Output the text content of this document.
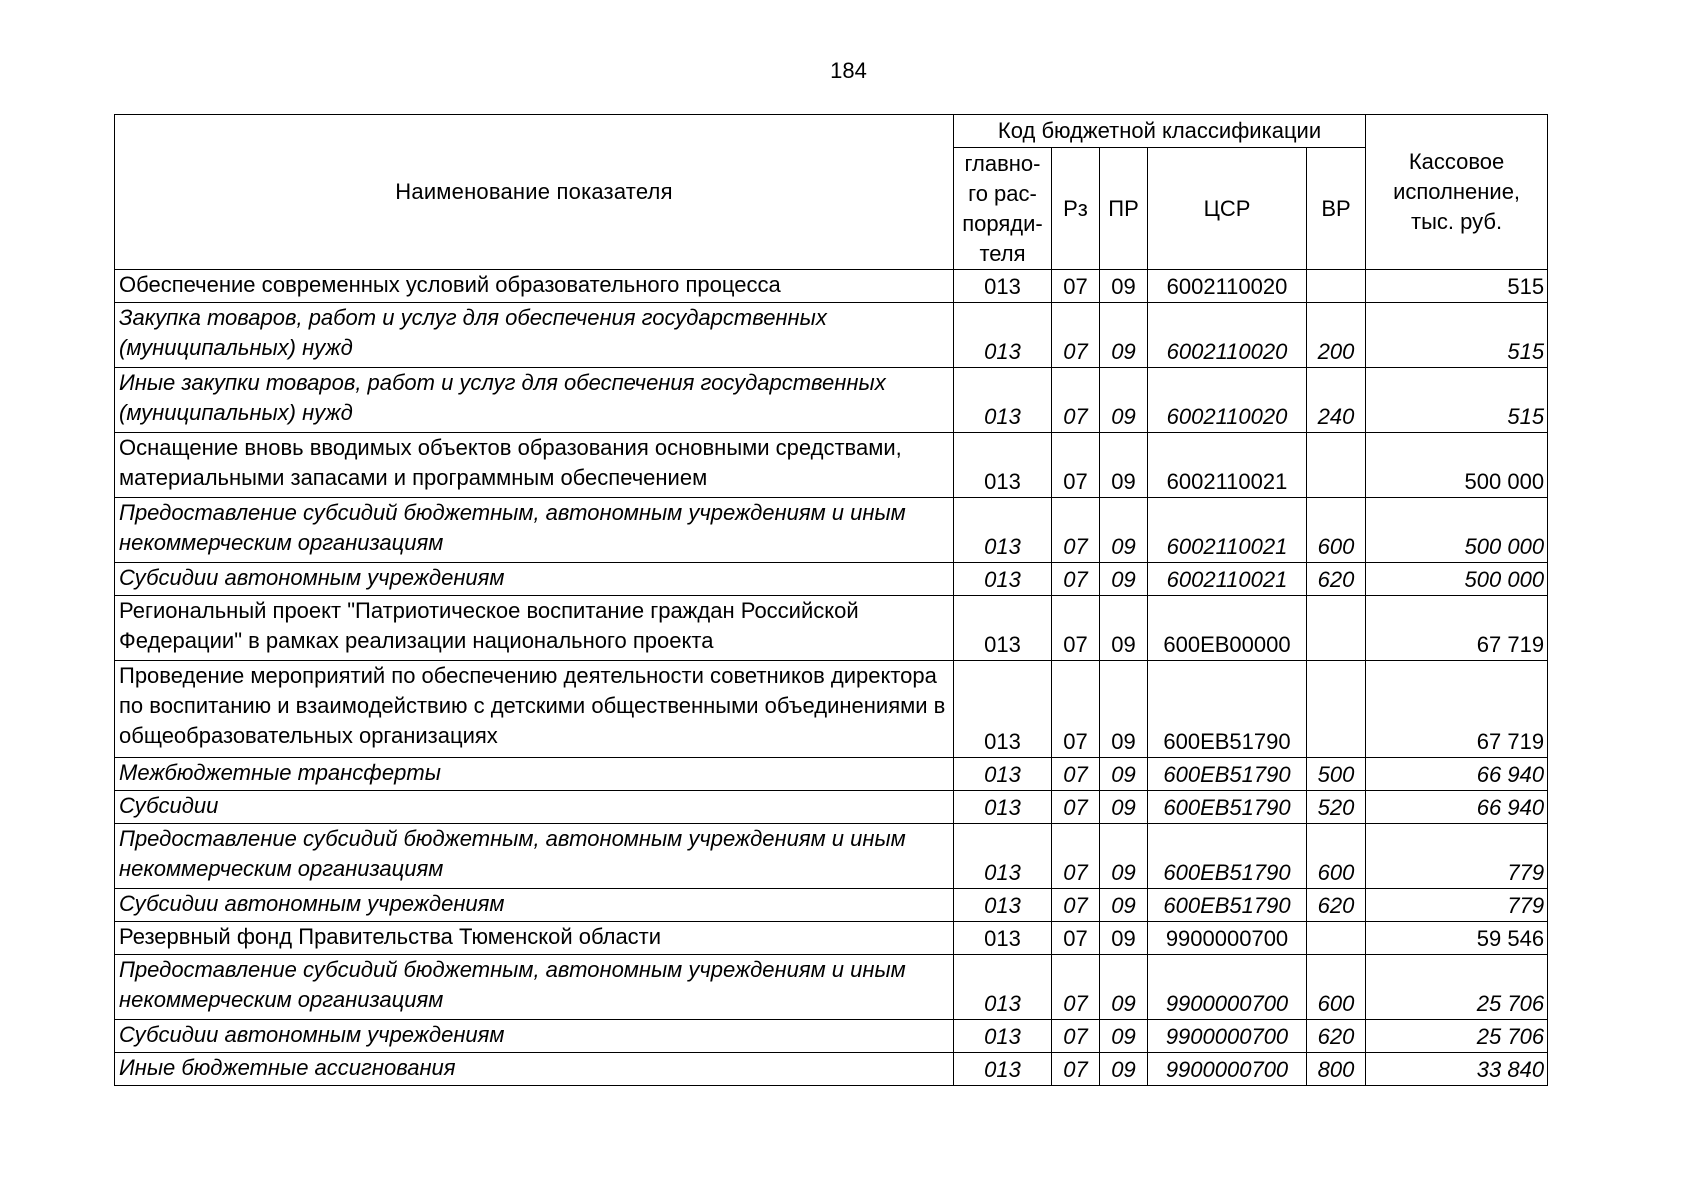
184
Наименование показателя	Код бюджетной классификации					Кассовое исполнение, тыс. руб.
	главно-
го рас-
поряди-
теля	Рз	ПР	ЦСР	ВР	
Обеспечение современных условий образовательного процесса	013	07	09	6002110020		515
Закупка товаров, работ и услуг для обеспечения государственных (муниципальных) нужд	013	07	09	6002110020	200	515
Иные закупки товаров, работ и услуг для обеспечения государственных (муниципальных) нужд	013	07	09	6002110020	240	515
Оснащение вновь вводимых объектов образования основными средствами, материальными запасами и программным обеспечением	013	07	09	6002110021		500 000
Предоставление субсидий бюджетным, автономным учреждениям и иным некоммерческим организациям	013	07	09	6002110021	600	500 000
Субсидии автономным учреждениям	013	07	09	6002110021	620	500 000
Региональный проект "Патриотическое воспитание граждан Российской Федерации" в рамках реализации национального проекта	013	07	09	600EB00000		67 719
Проведение мероприятий по обеспечению деятельности советников директора по воспитанию и взаимодействию с детскими общественными объединениями в общеобразовательных организациях	013	07	09	600EB51790		67 719
Межбюджетные трансферты	013	07	09	600EB51790	500	66 940
Субсидии	013	07	09	600EB51790	520	66 940
Предоставление субсидий бюджетным, автономным учреждениям и иным некоммерческим организациям	013	07	09	600EB51790	600	779
Субсидии автономным учреждениям	013	07	09	600EB51790	620	779
Резервный фонд Правительства Тюменской области	013	07	09	9900000700		59 546
Предоставление субсидий бюджетным, автономным учреждениям и иным некоммерческим организациям	013	07	09	9900000700	600	25 706
Субсидии автономным учреждениям	013	07	09	9900000700	620	25 706
Иные бюджетные ассигнования	013	07	09	9900000700	800	33 840
